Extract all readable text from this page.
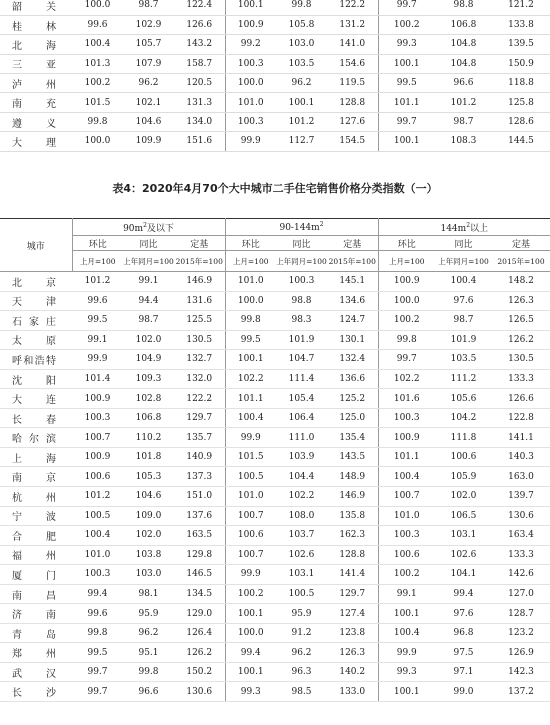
韶　关	100.0	98.7	122.4	100.1	99.8	122.2	99.7	98.8	121.2
桂　林	99.6	102.9	126.6	100.9	105.8	131.2	100.2	106.8	133.8
北　海	100.4	105.7	143.2	99.2	103.0	141.0	99.3	104.8	139.5
三　亚	101.3	107.9	158.7	100.3	103.5	154.6	100.1	104.8	150.9
泸　州	100.2	96.2	120.5	100.0	96.2	119.5	99.5	96.6	118.8
南　充	101.5	102.1	131.3	101.0	100.1	128.8	101.1	101.2	125.8
遵　义	99.8	104.6	134.0	100.3	101.2	127.6	99.7	98.7	128.6
大　理	100.0	109.9	151.6	99.9	112.7	154.5	100.1	108.3	144.5
表4：2020年4月70个大中城市二手住宅销售价格分类指数（一）
城市	$90m^2$及以下			$90-144m^2$			$144m^2$以上		
	环比	同比	定基	环比	同比	定基	环比	同比	定基
	上月=100	上年同月=100	2015年=100	上月=100	上年同月=100	2015年=100	上月=100	上年同月=100	2015年=100
北　京	101.2	99.1	146.9	101.0	100.3	145.1	100.9	100.4	148.2
天　津	99.6	94.4	131.6	100.0	98.8	134.6	100.0	97.6	126.3
石家庄	99.5	98.7	125.5	99.8	98.3	124.7	100.2	98.7	126.5
太　原	99.1	102.0	130.5	99.5	101.9	130.1	99.8	101.9	126.2
呼和浩特	99.9	104.9	132.7	100.1	104.7	132.4	99.7	103.5	130.5
沈　阳	101.4	109.3	132.0	102.2	111.4	136.6	102.2	111.2	133.3
大　连	100.9	102.8	122.2	101.1	105.4	125.2	101.6	105.6	126.6
长　春	100.3	106.8	129.7	100.4	106.4	125.0	100.3	104.2	122.8
哈尔滨	100.7	110.2	135.7	99.9	111.0	135.4	100.9	111.8	141.1
上　海	100.9	101.8	140.9	101.5	103.9	143.5	101.1	100.6	140.3
南　京	100.6	105.3	137.3	100.5	104.4	148.9	100.4	105.9	163.0
杭　州	101.2	104.6	151.0	101.0	102.2	146.9	100.7	102.0	139.7
宁　波	100.5	109.0	137.6	100.7	108.0	135.8	101.0	106.5	130.6
合　肥	100.4	102.0	163.5	100.6	103.7	162.3	100.3	103.1	163.4
福　州	101.0	103.8	129.8	100.7	102.6	128.8	100.6	102.6	133.3
厦　门	100.3	103.0	146.5	99.9	103.1	141.4	100.2	104.1	142.6
南　昌	99.4	98.1	134.5	100.2	100.5	129.7	99.1	99.4	127.0
济　南	99.6	95.9	129.0	100.1	95.9	127.4	100.1	97.6	128.7
青　岛	99.8	96.2	126.4	100.0	91.2	123.8	100.4	96.8	123.2
郑　州	99.5	95.1	126.2	99.4	96.2	126.3	99.9	97.5	126.9
武　汉	99.7	99.8	150.2	100.1	96.3	140.2	99.3	97.1	142.3
长　沙	99.7	96.6	130.6	99.3	98.5	133.0	100.1	99.0	137.2
